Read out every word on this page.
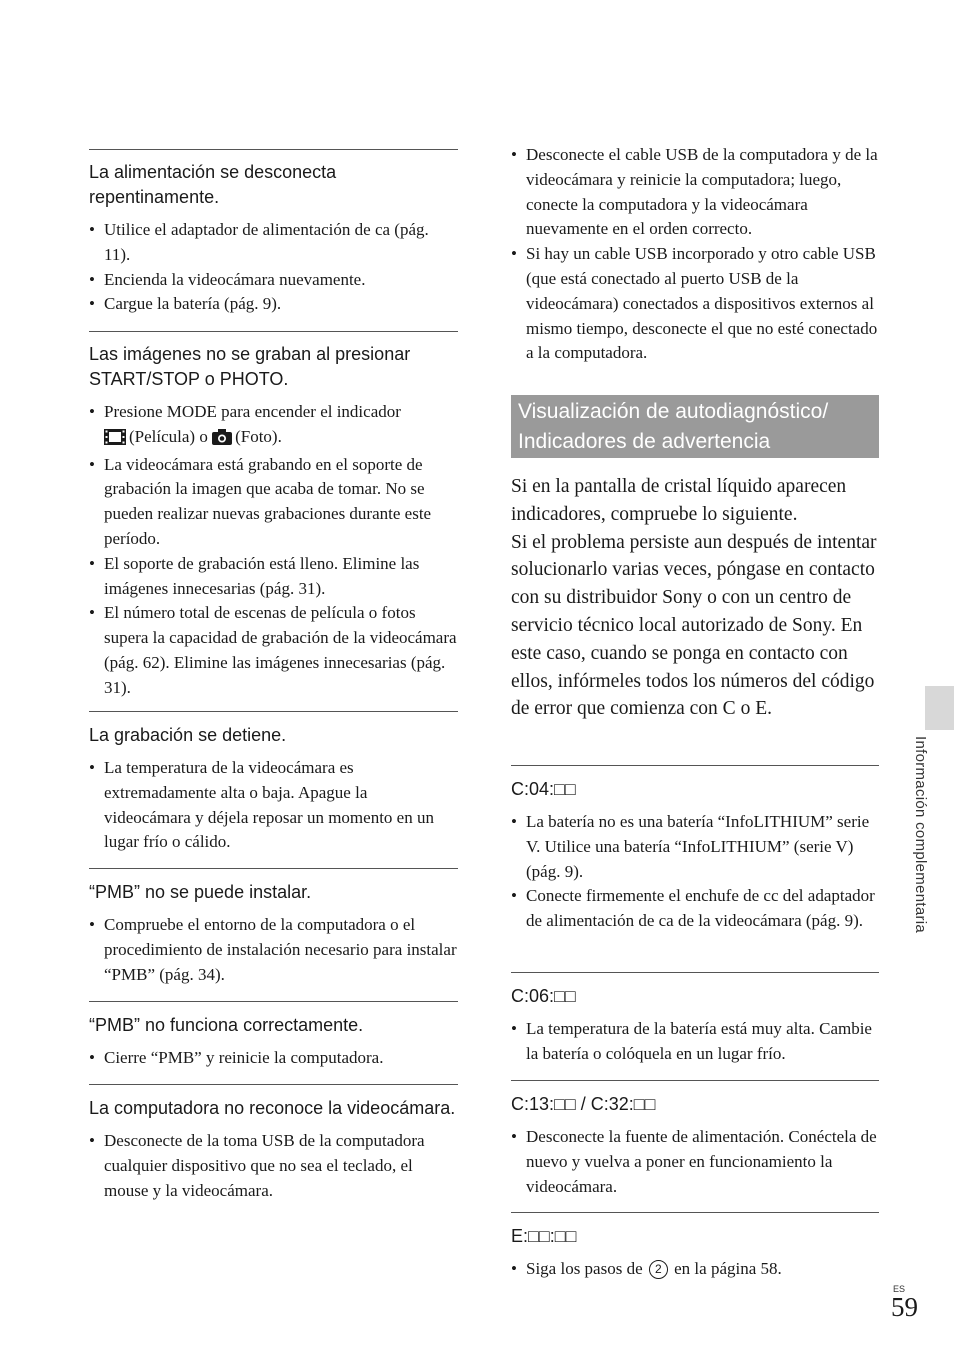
La alimentación se desconecta repentinamente.

• Utilice el adaptador de alimentación de ca (pág. 11).
• Encienda la videocámara nuevamente.
• Cargue la batería (pág. 9).

Las imágenes no se graban al presionar START/STOP o PHOTO.

• Presione MODE para encender el indicador
(Película) o (Foto).
• La videocámara está grabando en el soporte de grabación la imagen que acaba de tomar. No se pueden realizar nuevas grabaciones durante este período.
• El soporte de grabación está lleno. Elimine las imágenes innecesarias (pág. 31).
• El número total de escenas de película o fotos supera la capacidad de grabación de la videocámara (pág. 62). Elimine las imágenes innecesarias (pág. 31).

La grabación se detiene.

• La temperatura de la videocámara es extremadamente alta o baja. Apague la videocámara y déjela reposar un momento en un lugar frío o cálido.

“PMB” no se puede instalar.

• Compruebe el entorno de la computadora o el procedimiento de instalación necesario para instalar “PMB” (pág. 34).

“PMB” no funciona correctamente.

• Cierre “PMB” y reinicie la computadora.

La computadora no reconoce la videocámara.

• Desconecte de la toma USB de la computadora cualquier dispositivo que no sea el teclado, el mouse y la videocámara.
• Desconecte el cable USB de la computadora y de la videocámara y reinicie la computadora; luego, conecte la computadora y la videocámara nuevamente en el orden correcto.
• Si hay un cable USB incorporado y otro cable USB (que está conectado al puerto USB de la videocámara) conectados a dispositivos externos al mismo tiempo, desconecte el que no esté conectado a la computadora.
Visualización de autodiagnóstico/
Indicadores de advertencia

Si en la pantalla de cristal líquido aparecen indicadores, compruebe lo siguiente.

Si el problema persiste aun después de intentar solucionarlo varias veces, póngase en contacto con su distribuidor Sony o con un centro de servicio técnico local autorizado de Sony. En este caso, cuando se ponga en contacto con ellos, infórmeles todos los números del código de error que comienza con C o E.

C:04:□□

• La batería no es una batería “InfoLITHIUM” serie V. Utilice una batería “InfoLITHIUM” (serie V) (pág. 9).
• Conecte firmemente el enchufe de cc del adaptador de alimentación de ca de la videocámara (pág. 9).

C:06:□□

• La temperatura de la batería está muy alta. Cambie la batería o colóquela en un lugar frío.

C:13:□□ / C:32:□□

• Desconecte la fuente de alimentación. Conéctela de nuevo y vuelva a poner en funcionamiento la videocámara.

E:□□:□□

• Siga los pasos de 2 en la página 58.
Información complementaria
ES
59
